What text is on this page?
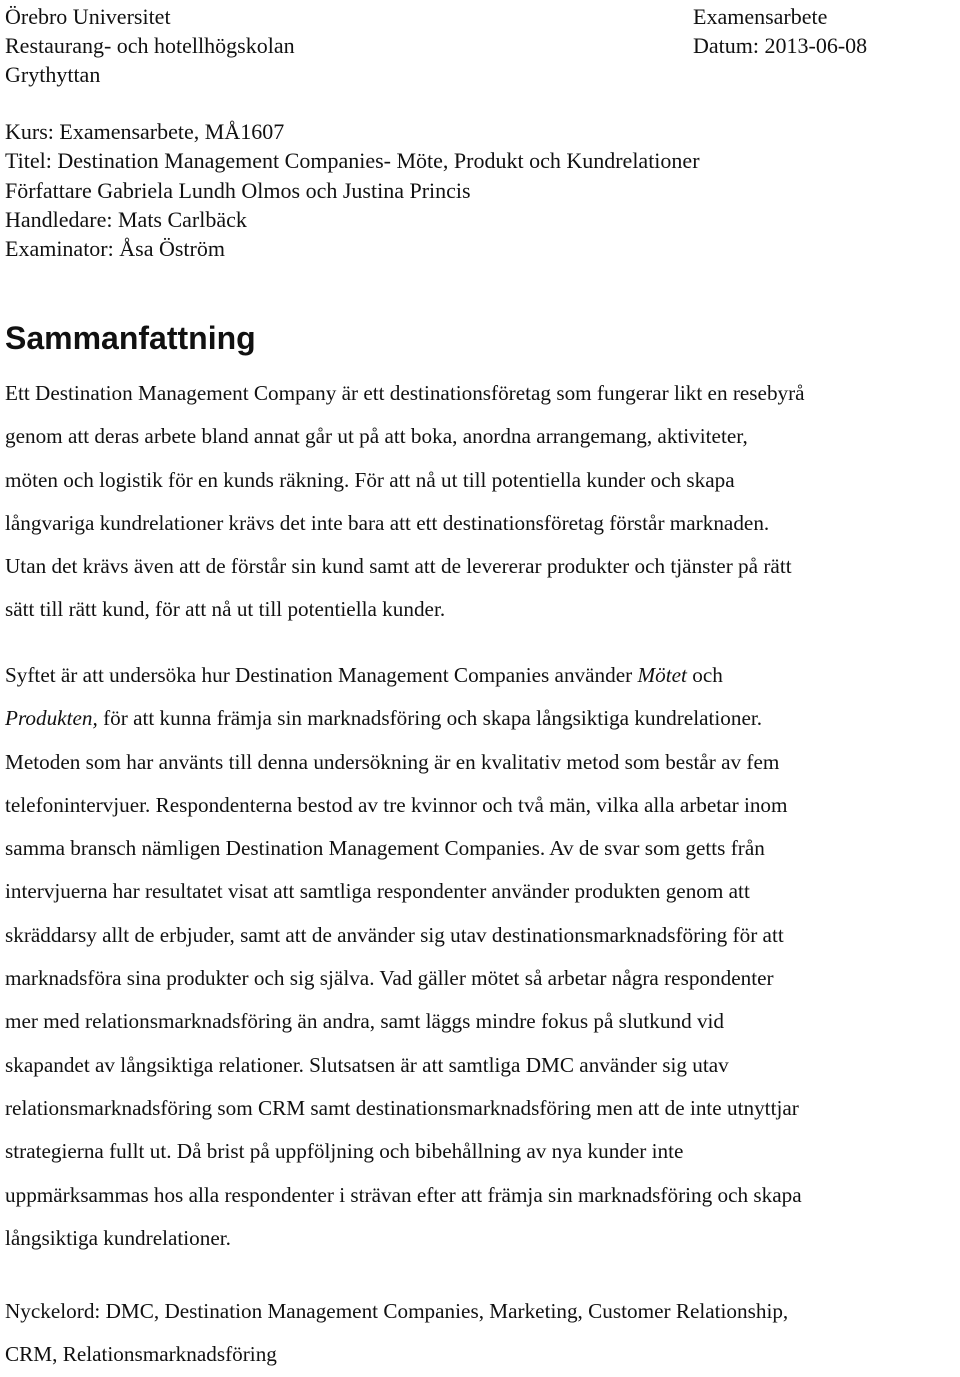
Örebro Universitet
Restaurang- och hotellhögskolan
Grythyttan
Examensarbete
Datum: 2013-06-08
Kurs: Examensarbete, MÅ1607
Titel: Destination Management Companies- Möte, Produkt och Kundrelationer
Författare Gabriela Lundh Olmos och Justina Princis
Handledare: Mats Carlbäck
Examinator: Åsa Öström
Sammanfattning

Ett Destination Management Company är ett destinationsföretag som fungerar likt en resebyrå
genom att deras arbete bland annat går ut på att boka, anordna arrangemang, aktiviteter,
möten och logistik för en kunds räkning. För att nå ut till potentiella kunder och skapa
långvariga kundrelationer krävs det inte bara att ett destinationsföretag förstår marknaden.
Utan det krävs även att de förstår sin kund samt att de levererar produkter och tjänster på rätt
sätt till rätt kund, för att nå ut till potentiella kunder.

Syftet är att undersöka hur Destination Management Companies använder Mötet och
Produkten, för att kunna främja sin marknadsföring och skapa långsiktiga kundrelationer.
Metoden som har använts till denna undersökning är en kvalitativ metod som består av fem
telefonintervjuer. Respondenterna bestod av tre kvinnor och två män, vilka alla arbetar inom
samma bransch nämligen Destination Management Companies. Av de svar som getts från
intervjuerna har resultatet visat att samtliga respondenter använder produkten genom att
skräddarsy allt de erbjuder, samt att de använder sig utav destinationsmarknadsföring för att
marknadsföra sina produkter och sig själva. Vad gäller mötet så arbetar några respondenter
mer med relationsmarknadsföring än andra, samt läggs mindre fokus på slutkund vid
skapandet av långsiktiga relationer. Slutsatsen är att samtliga DMC använder sig utav
relationsmarknadsföring som CRM samt destinationsmarknadsföring men att de inte utnyttjar
strategierna fullt ut. Då brist på uppföljning och bibehållning av nya kunder inte
uppmärksammas hos alla respondenter i strävan efter att främja sin marknadsföring och skapa
långsiktiga kundrelationer.

Nyckelord: DMC, Destination Management Companies, Marketing, Customer Relationship,
CRM, Relationsmarknadsföring
